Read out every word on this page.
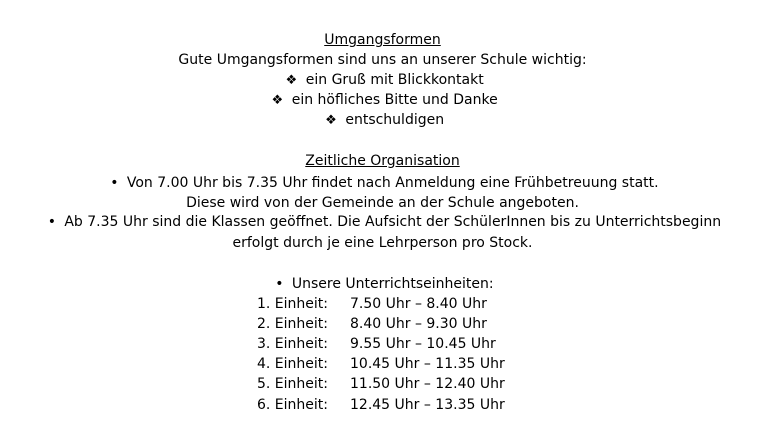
Umgangsformen
Gute Umgangsformen sind uns an unserer Schule wichtig:
❖ ein Gruß mit Blickkontakt
❖ ein höfliches Bitte und Danke
❖ entschuldigen
Zeitliche Organisation
• Von 7.00 Uhr bis 7.35 Uhr findet nach Anmeldung eine Frühbetreuung statt.
Diese wird von der Gemeinde an der Schule angeboten.
• Ab 7.35 Uhr sind die Klassen geöffnet. Die Aufsicht der SchülerInnen bis zu Unterrichtsbeginn
erfolgt durch je eine Lehrperson pro Stock.
• Unsere Unterrichtseinheiten:
1. Einheit: 7.50 Uhr – 8.40 Uhr
2. Einheit: 8.40 Uhr – 9.30 Uhr
3. Einheit: 9.55 Uhr – 10.45 Uhr
4. Einheit: 10.45 Uhr – 11.35 Uhr
5. Einheit: 11.50 Uhr – 12.40 Uhr
6. Einheit: 12.45 Uhr – 13.35 Uhr
